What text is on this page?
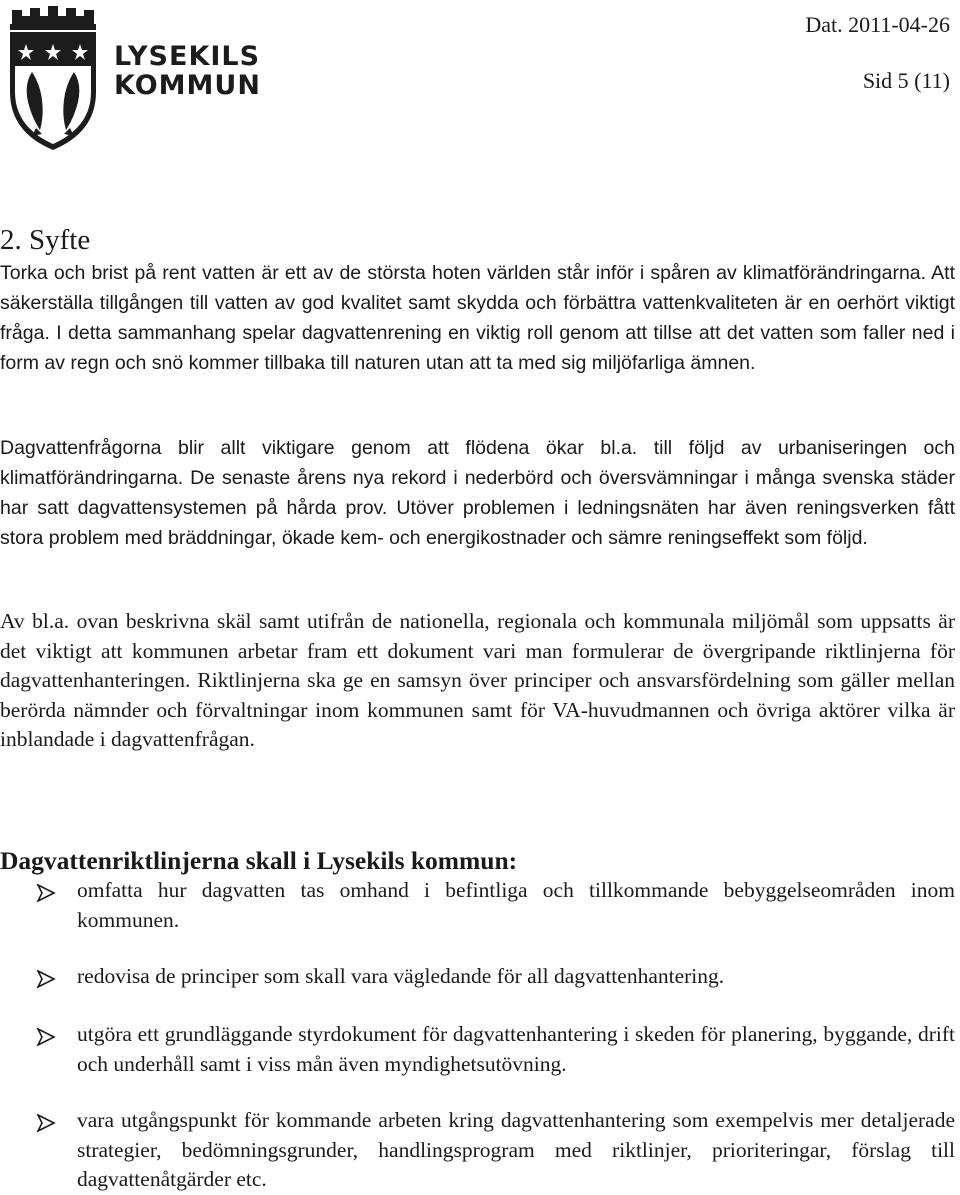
LYSEKILS
KOMMUN
Dat. 2011-04-26
Sid 5 (11)
2. Syfte

Torka och brist på rent vatten är ett av de största hoten världen står inför i spåren av klimatförändringarna. Att säkerställa tillgången till vatten av god kvalitet samt skydda och förbättra vattenkvaliteten är en oerhört viktigt fråga. I detta sammanhang spelar dagvattenrening en viktig roll genom att tillse att det vatten som faller ned i form av regn och snö kommer tillbaka till naturen utan att ta med sig miljöfarliga ämnen.

Dagvattenfrågorna blir allt viktigare genom att flödena ökar bl.a. till följd av urbaniseringen och klimatförändringarna. De senaste årens nya rekord i nederbörd och översvämningar i många svenska städer har satt dagvattensystemen på hårda prov. Utöver problemen i ledningsnäten har även reningsverken fått stora problem med bräddningar, ökade kem- och energikostnader och sämre reningseffekt som följd.

Av bl.a. ovan beskrivna skäl samt utifrån de nationella, regionala och kommunala miljömål som uppsatts är det viktigt att kommunen arbetar fram ett dokument vari man formulerar de övergripande riktlinjerna för dagvattenhanteringen. Riktlinjerna ska ge en samsyn över principer och ansvarsfördelning som gäller mellan berörda nämnder och förvaltningar inom kommunen samt för VA-huvudmannen och övriga aktörer vilka är inblandade i dagvattenfrågan.

Dagvattenriktlinjerna skall i Lysekils kommun:
omfatta hur dagvatten tas omhand i befintliga och tillkommande bebyggelseområden inom kommunen.
redovisa de principer som skall vara vägledande för all dagvattenhantering.
utgöra ett grundläggande styrdokument för dagvattenhantering i skeden för planering, byggande, drift och underhåll samt i viss mån även myndighetsutövning.
vara utgångspunkt för kommande arbeten kring dagvattenhantering som exempelvis mer detaljerade strategier, bedömningsgrunder, handlingsprogram med riktlinjer, prioriteringar, förslag till dagvattenåtgärder etc.
